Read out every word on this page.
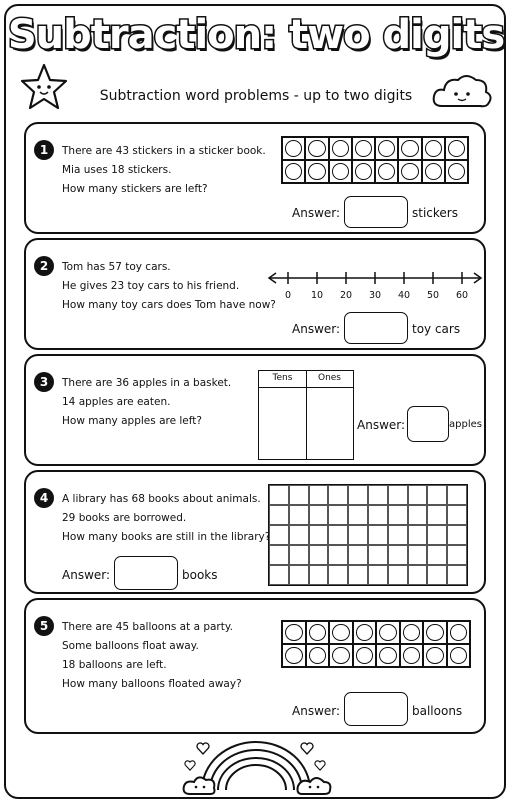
Subtraction: two digits
Subtraction word problems - up to two digits
1	There are 43 stickers in a sticker book.
Mia uses 18 stickers.
How many stickers are left?
Answer:	stickers
2	Tom has 57 toy cars.
He gives 23 toy cars to his friend.
How many toy cars does Tom have now?
0	10	20	30	40	50	60
Answer:	toy cars
3	There are 36 apples in a basket.
14 apples are eaten.
How many apples are left?
Tens	Ones
Answer:	apples
4	A library has 68 books about animals.
29 books are borrowed.
How many books are still in the library?
Answer:	books
5	There are 45 balloons at a party.
Some balloons float away.
18 balloons are left.
How many balloons floated away?
Answer:	balloons
